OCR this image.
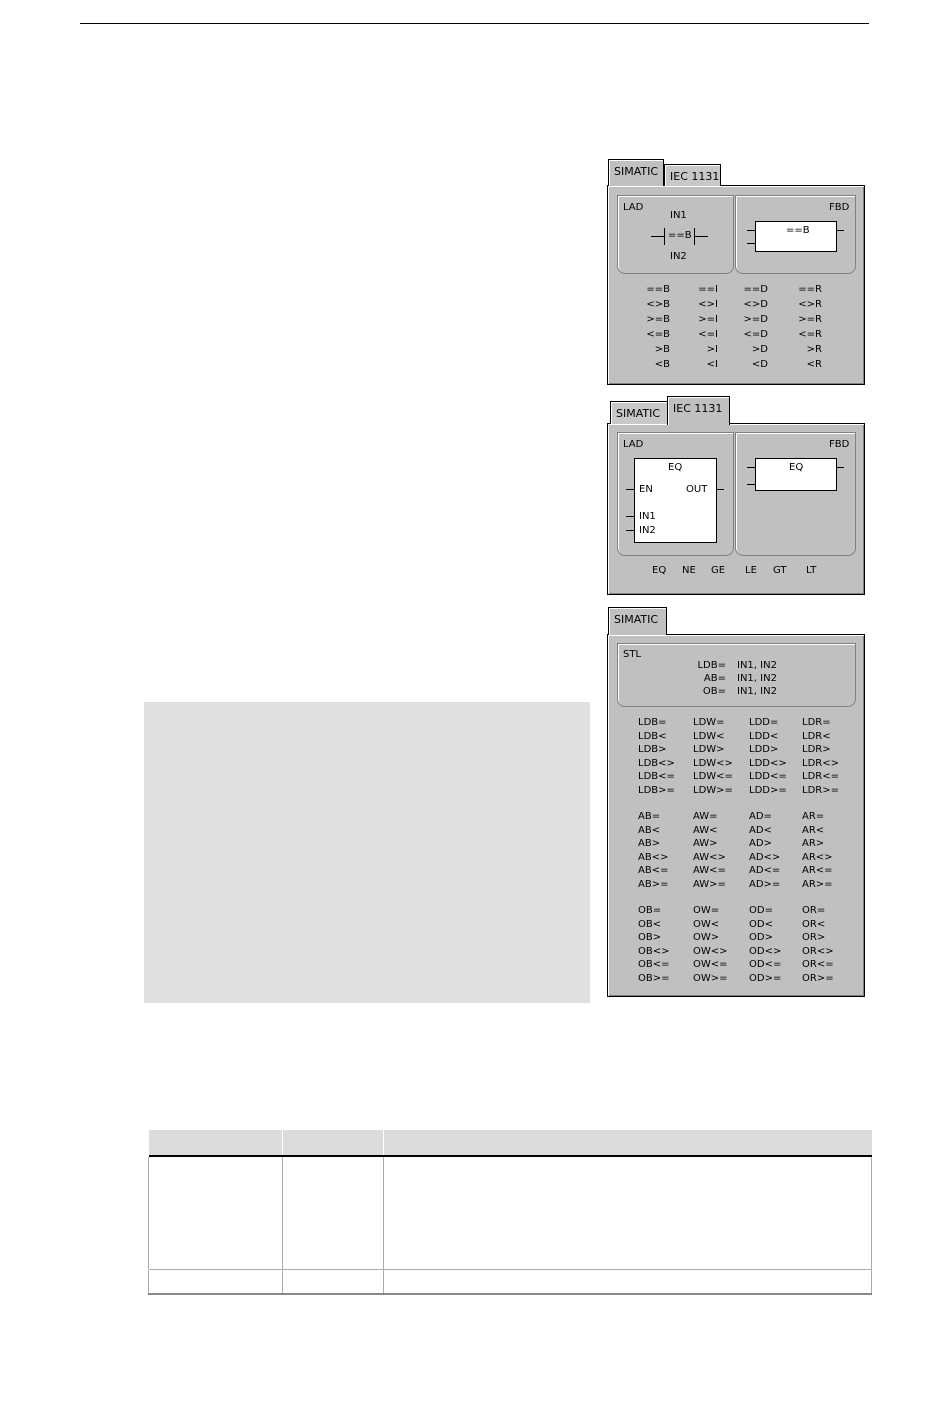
SIMATIC	IEC 1131
LAD	FBD
IN1
==B
IN2
==B
==B	==I	==D	==R
<>B	<>I	<>D	<>R
>=B	>=I	>=D	>=R
<=B	<=I	<=D	<=R
>B	>I	>D	>R
<B	<I	<D	<R
SIMATIC	IEC 1131
LAD	FBD
EQ
EN	OUT
IN1
IN2
EQ
EQ NE GE LE GT LT
SIMATIC
STL
LDB= IN1, IN2
AB= IN1, IN2
OB= IN1, IN2
LDB=	LDW= LDD= LDR=
LDB<	LDW< LDD< LDR<
LDB>	LDW> LDD> LDR>
LDB<> LDW<> LDD<> LDR<>
LDB<= LDW<= LDD<= LDR<=
LDB>= LDW>= LDD>= LDR>=
AB=	AW=	AD=	AR=
AB<	AW<	AD<	AR<
AB>	AW>	AD>	AR>
AB<> AW<> AD<> AR<>
AB<= AW<= AD<= AR<=
AB>= AW>= AD>= AR>=
OB=	OW=	OD=	OR=
OB<	OW<	OD<	OR<
OB>	OW>	OD>	OR>
OB<> OW<> OD<> OR<>
OB<= OW<= OD<= OR<=
OB>= OW>= OD>= OR>=
